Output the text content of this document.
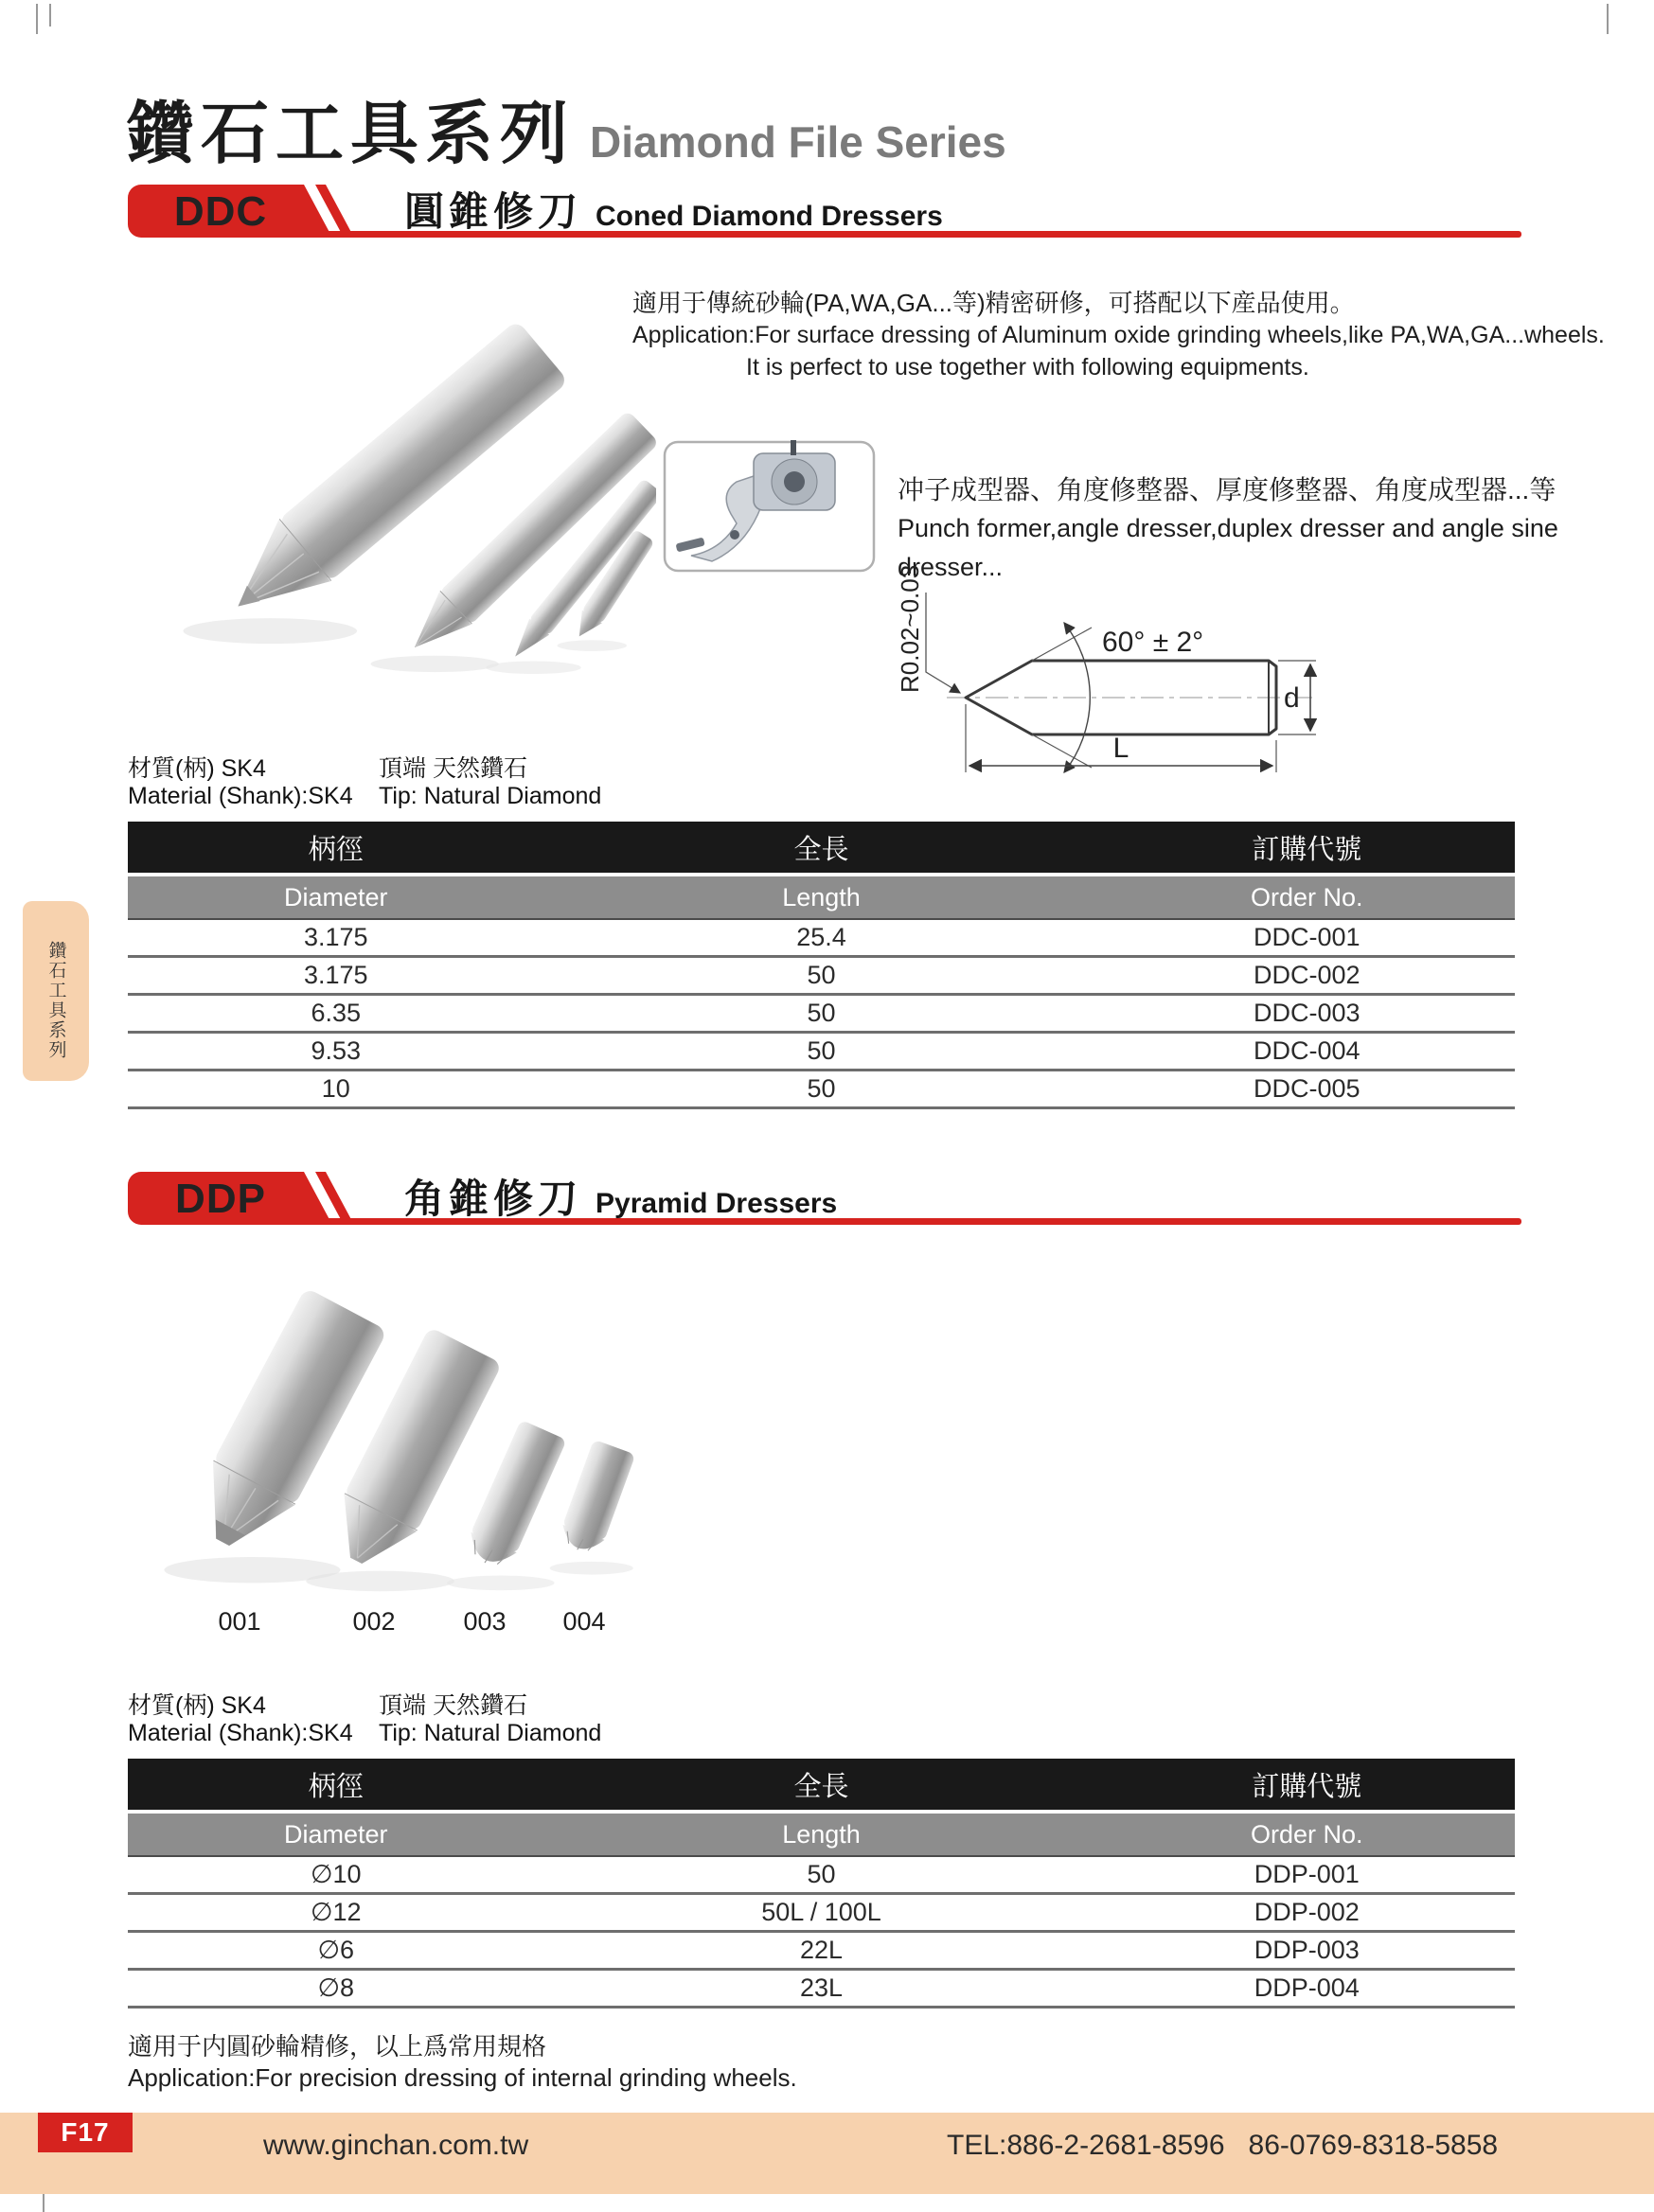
鑽石工具系列 Diamond File Series
DDC	圓錐修刀 Coned Diamond Dressers
適用于傳統砂輪(PA,WA,GA...等)精密研修，可搭配以下産品使用。
Application:For surface dressing of Aluminum oxide grinding wheels,like PA,WA,GA...wheels.
It is perfect to use together with following equipments.
冲子成型器、角度修整器、厚度修整器、角度成型器...等
Punch former,angle dresser,duplex dresser and angle sine dresser...
60° ± 2°
R0.02~0.03
L
d
材質(柄) SK4
Material (Shank):SK4
頂端 天然鑽石
Tip: Natural Diamond
柄徑	全長	訂購代號
Diameter	Length	Order No.
3.175	25.4	DDC-001
3.175	50	DDC-002
6.35	50	DDC-003
9.53	50	DDC-004
10	50	DDC-005
鑽石工具系列
DDP	角錐修刀 Pyramid Dressers
001	002	003	004
材質(柄) SK4
Material (Shank):SK4
頂端 天然鑽石
Tip: Natural Diamond
柄徑	全長	訂購代號
Diameter	Length	Order No.
∅10	50	DDP-001
∅12	50L / 100L	DDP-002
∅6	22L	DDP-003
∅8	23L	DDP-004
適用于内圓砂輪精修，以上爲常用規格
Application:For precision dressing of internal grinding wheels.
F17	www.ginchan.com.tw	TEL:886-2-2681-8596   86-0769-8318-5858
